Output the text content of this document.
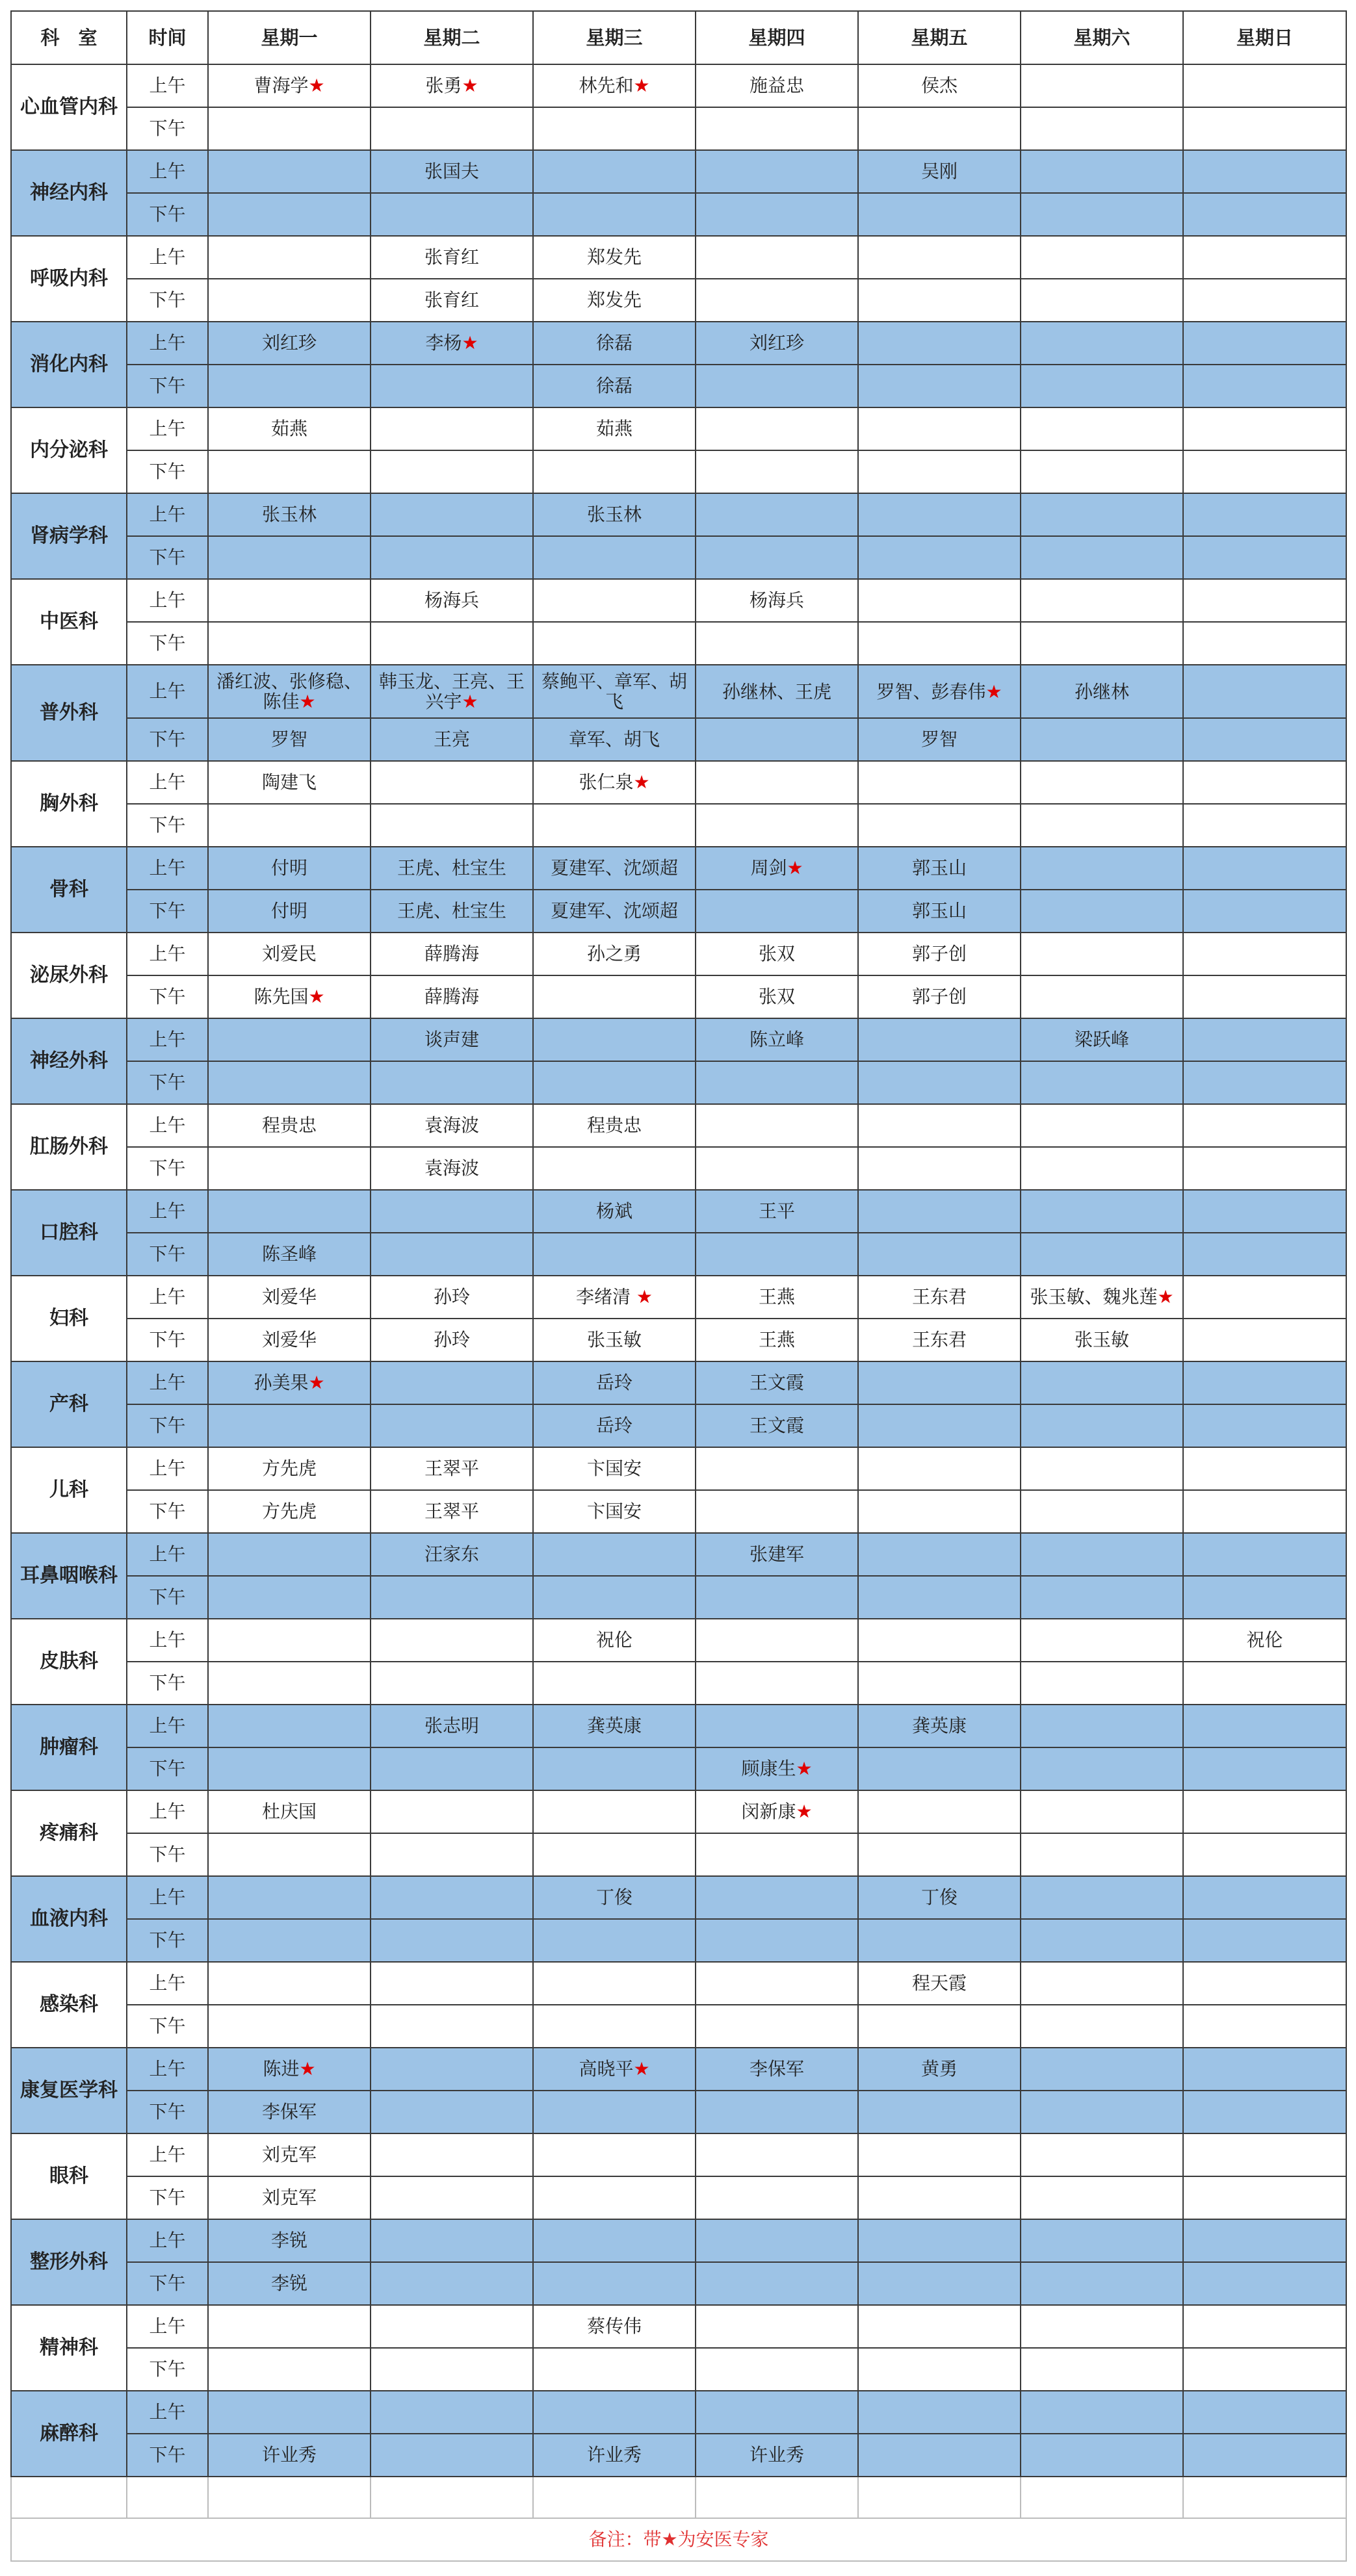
科　室	时间	星期一	星期二	星期三	星期四	星期五	星期六	星期日
心血管内科	上午	曹海学★	张勇★	林先和★	施益忠	侯杰		
	下午							
神经内科	上午		张国夫			吴刚		
	下午							
呼吸内科	上午		张育红	郑发先				
	下午		张育红	郑发先				
消化内科	上午	刘红珍	李杨★	徐磊	刘红珍			
	下午			徐磊				
内分泌科	上午	茹燕		茹燕				
	下午							
肾病学科	上午	张玉林		张玉林				
	下午							
中医科	上午		杨海兵		杨海兵			
	下午							
普外科	上午	潘红波、张修稳、陈佳★	韩玉龙、王亮、王兴宇★	蔡鲍平、章军、胡飞	孙继林、王虎	罗智、彭春伟★	孙继林	
	下午	罗智	王亮	章军、胡飞		罗智		
胸外科	上午	陶建飞		张仁泉★				
	下午							
骨科	上午	付明	王虎、杜宝生	夏建军、沈颂超	周剑★	郭玉山		
	下午	付明	王虎、杜宝生	夏建军、沈颂超		郭玉山		
泌尿外科	上午	刘爱民	薛腾海	孙之勇	张双	郭子创		
	下午	陈先国★	薛腾海		张双	郭子创		
神经外科	上午		谈声建		陈立峰		梁跃峰	
	下午							
肛肠外科	上午	程贵忠	袁海波	程贵忠				
	下午		袁海波					
口腔科	上午			杨斌	王平			
	下午	陈圣峰						
妇科	上午	刘爱华	孙玲	李绪清 ★	王燕	王东君	张玉敏、魏兆莲★	
	下午	刘爱华	孙玲	张玉敏	王燕	王东君	张玉敏	
产科	上午	孙美果★		岳玲	王文霞			
	下午			岳玲	王文霞			
儿科	上午	方先虎	王翠平	卞国安				
	下午	方先虎	王翠平	卞国安				
耳鼻咽喉科	上午		汪家东		张建军			
	下午							
皮肤科	上午			祝伦				祝伦
	下午							
肿瘤科	上午		张志明	龚英康		龚英康		
	下午				顾康生★			
疼痛科	上午	杜庆国			闵新康★			
	下午							
血液内科	上午			丁俊		丁俊		
	下午							
感染科	上午					程天霞		
	下午							
康复医学科	上午	陈进★		高晓平★	李保军	黄勇		
	下午	李保军						
眼科	上午	刘克军						
	下午	刘克军						
整形外科	上午	李锐						
	下午	李锐						
精神科	上午			蔡传伟				
	下午							
麻醉科	上午							
	下午	许业秀		许业秀	许业秀			

备注：带★为安医专家								
